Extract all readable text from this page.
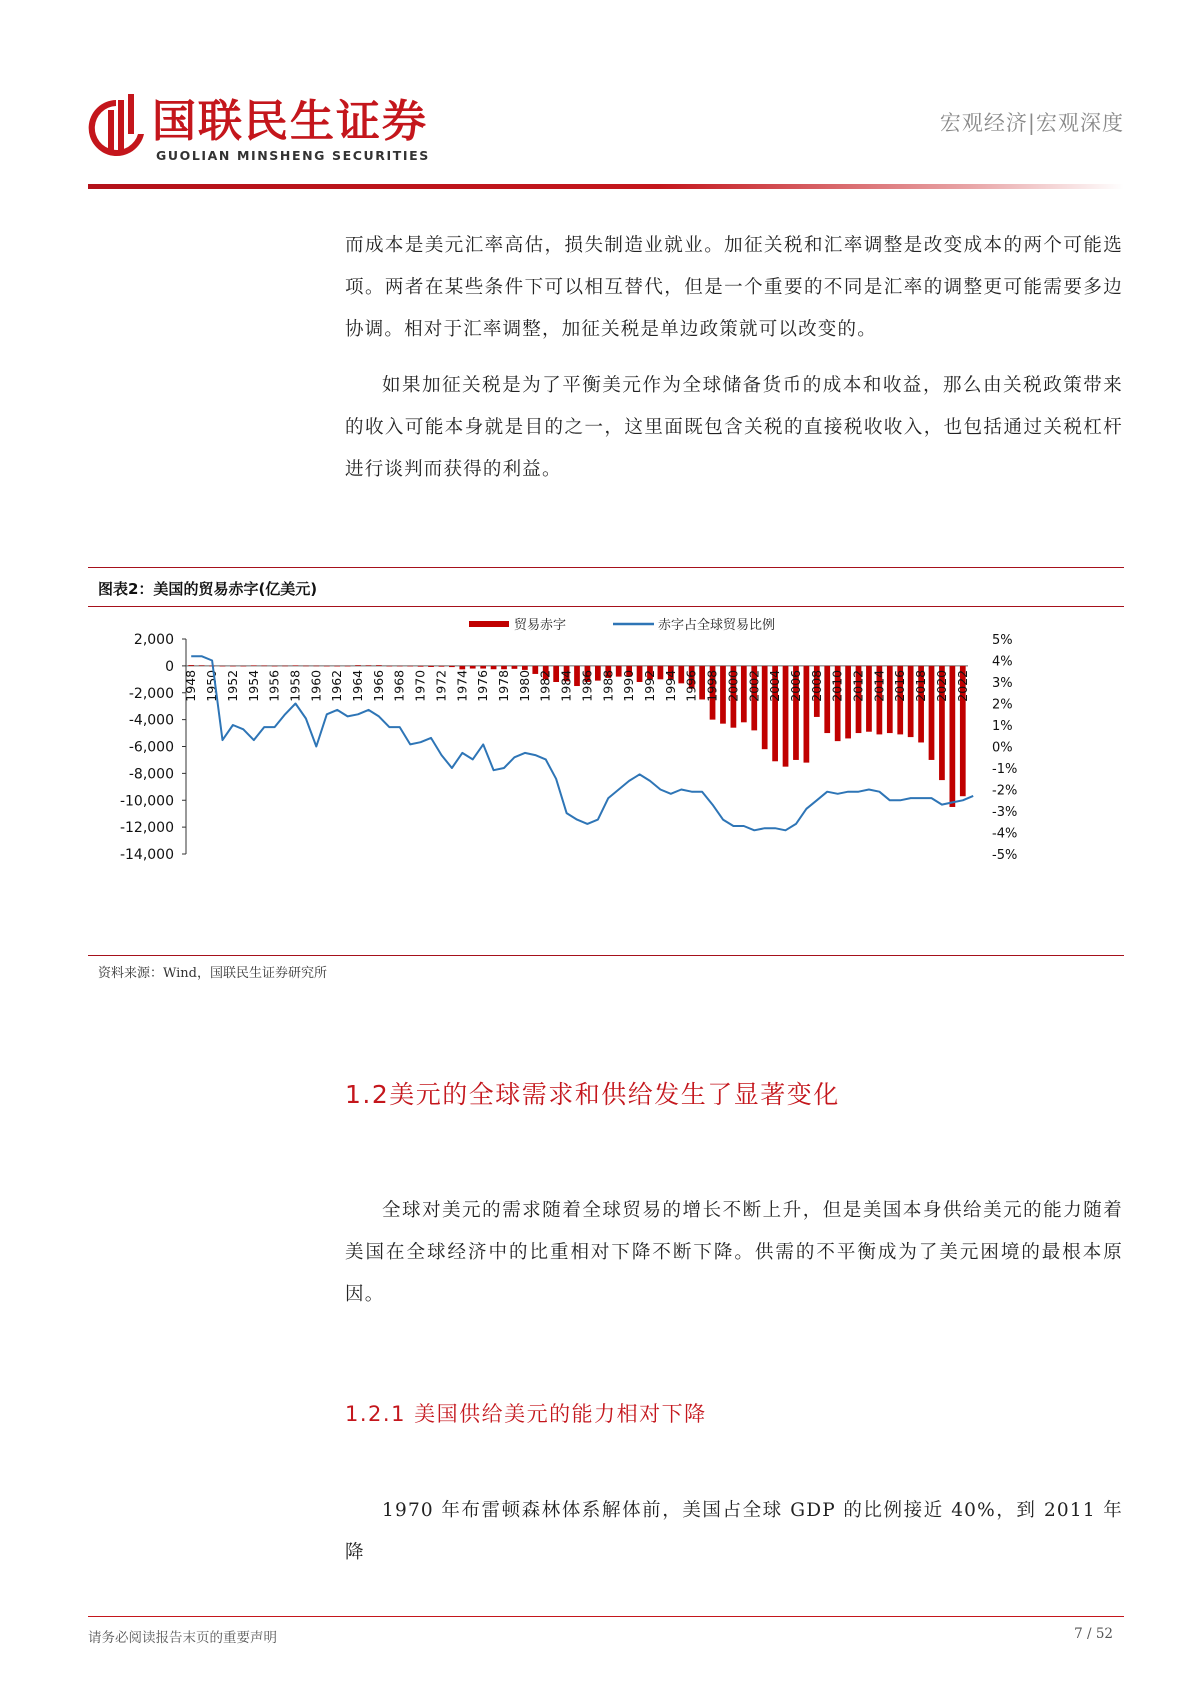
国联民生证券
GUOLIAN MINSHENG SECURITIES
宏观经济|宏观深度

而成本是美元汇率高估，损失制造业就业。加征关税和汇率调整是改变成本的两个可能选项。两者在某些条件下可以相互替代，但是一个重要的不同是汇率的调整更可能需要多边协调。相对于汇率调整，加征关税是单边政策就可以改变的。

如果加征关税是为了平衡美元作为全球储备货币的成本和收益，那么由关税政策带来的收入可能本身就是目的之一，这里面既包含关税的直接税收收入，也包括通过关税杠杆进行谈判而获得的利益。

图表2：美国的贸易赤字(亿美元)
贸易赤字	赤字占全球贸易比例
2,000
0
-2,000
-4,000
-6,000
-8,000
-10,000
-12,000
-14,000
5%
4%
3%
2%
1%
0%
-1%
-2%
-3%
-4%
-5%
1948 1950 1952 1954 1956 1958 1960 1962 1964 1966 1968 1970 1972 1974 1976 1978 1980 1982 1984 1986 1988 1990 1992 1994 1996 1998 2000 2002 2004 2006 2008 2010 2012 2014 2016 2018 2020 2022
资料来源：Wind，国联民生证券研究所
1.2美元的全球需求和供给发生了显著变化

全球对美元的需求随着全球贸易的增长不断上升，但是美国本身供给美元的能力随着美国在全球经济中的比重相对下降不断下降。供需的不平衡成为了美元困境的最根本原因。

1.2.1 美国供给美元的能力相对下降

1970 年布雷顿森林体系解体前，美国占全球 GDP 的比例接近 40%，到 2011 年降

请务必阅读报告末页的重要声明	7 / 52
